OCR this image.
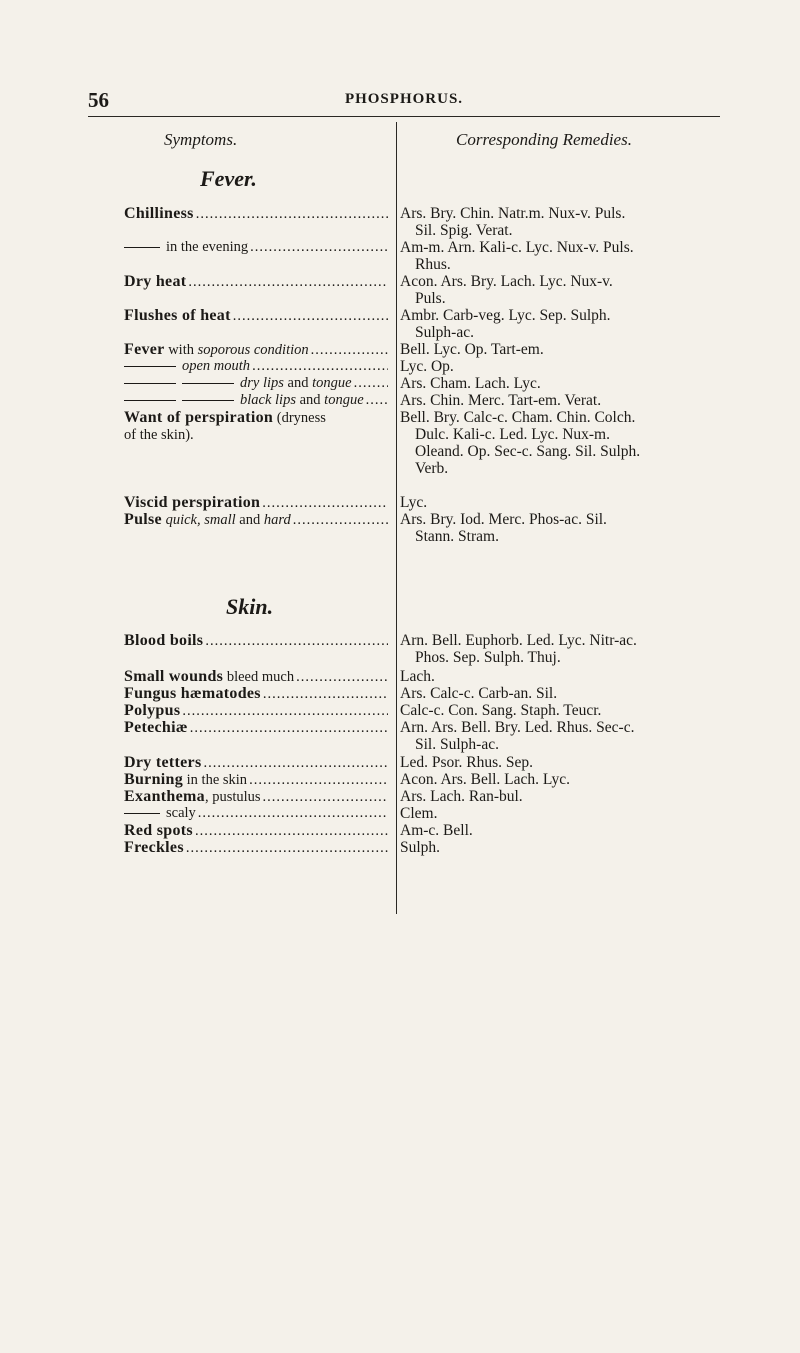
56	PHOSPHORUS.
Symptoms.	Corresponding Remedies.
Fever.
Skin.
Chilliness
.....
in the evening
.....
Dry heat
.....
Flushes of heat
.....
Fever with soporous condition
.....
open mouth
.....
dry lips and tongue
.....
black lips and tongue
.....
Want of perspiration (dryness
of the skin).
Viscid perspiration
.....
Pulse quick, small and hard
.....
Blood boils
.....
Small wounds bleed much
.....
Fungus hæmatodes
.....
Polypus
.....
Petechiæ
.....
Dry tetters
.....
Burning in the skin
.....
Exanthema, pustulus
.....
scaly
.....
Red spots
.....
Freckles
.....
Ars. Bry. Chin. Natr.m. Nux-v. Puls.
Sil. Spig. Verat.
Am-m. Arn. Kali-c. Lyc. Nux-v. Puls.
Rhus.
Acon. Ars. Bry. Lach. Lyc. Nux-v.
Puls.
Ambr. Carb-veg. Lyc. Sep. Sulph.
Sulph-ac.
Bell. Lyc. Op. Tart-em.
Lyc. Op.
Ars. Cham. Lach. Lyc.
Ars. Chin. Merc. Tart-em. Verat.
Bell. Bry. Calc-c. Cham. Chin. Colch.
Dulc. Kali-c. Led. Lyc. Nux-m.
Oleand. Op. Sec-c. Sang. Sil. Sulph.
Verb.
Lyc.
Ars. Bry. Iod. Merc. Phos-ac. Sil.
Stann. Stram.
Arn. Bell. Euphorb. Led. Lyc. Nitr-ac.
Phos. Sep. Sulph. Thuj.
Lach.
Ars. Calc-c. Carb-an. Sil.
Calc-c. Con. Sang. Staph. Teucr.
Arn. Ars. Bell. Bry. Led. Rhus. Sec-c.
Sil. Sulph-ac.
Led. Psor. Rhus. Sep.
Acon. Ars. Bell. Lach. Lyc.
Ars. Lach. Ran-bul.
Clem.
Am-c. Bell.
Sulph.
